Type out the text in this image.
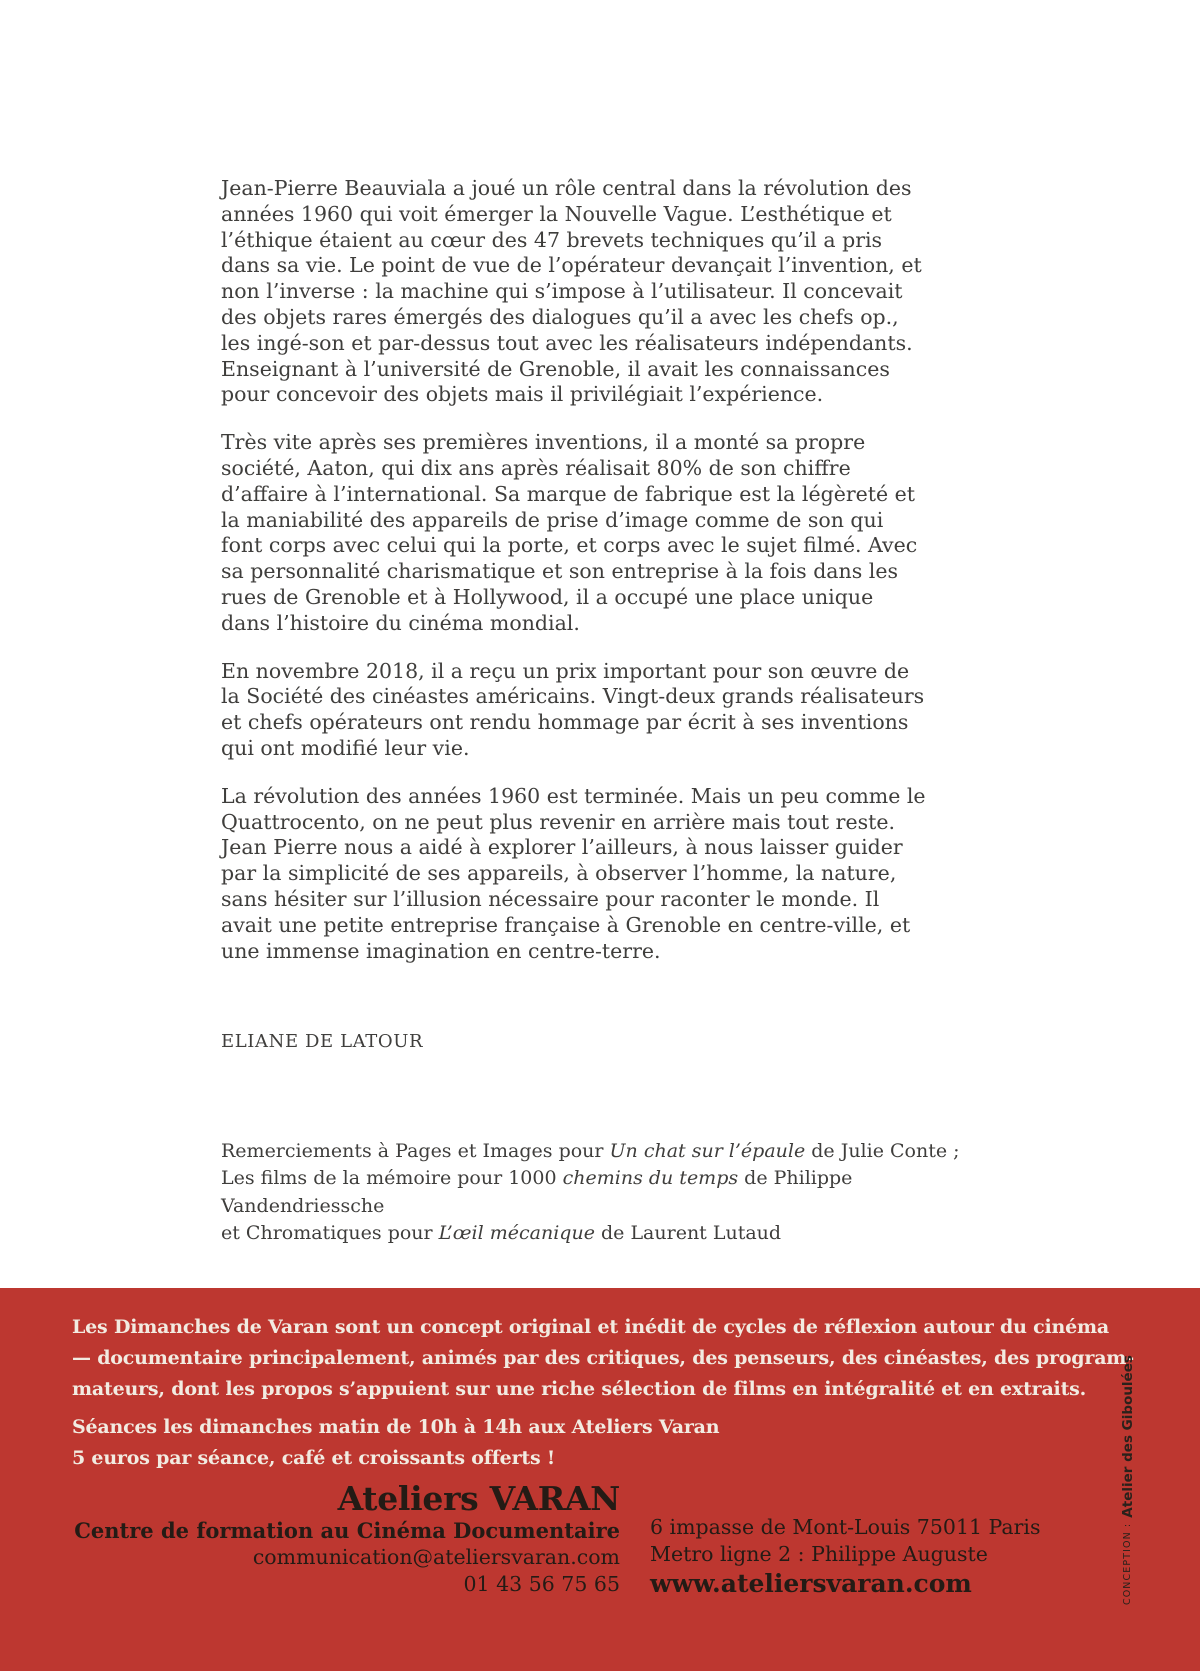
Jean-Pierre Beauviala a joué un rôle central dans la révolution des années 1960 qui voit émerger la Nouvelle Vague. L’esthétique et l’éthique étaient au cœur des 47 brevets techniques qu’il a pris dans sa vie. Le point de vue de l’opérateur devançait l’invention, et non l’inverse : la machine qui s’impose à l’utilisateur. Il concevait des objets rares émergés des dialogues qu’il a avec les chefs op., les ingé-son et par-dessus tout avec les réalisateurs indépendants. Enseignant à l’université de Grenoble, il avait les connaissances pour concevoir des objets mais il privilégiait l’expérience.

Très vite après ses premières inventions, il a monté sa propre société, Aaton, qui dix ans après réalisait 80% de son chiffre d’affaire à l’international. Sa marque de fabrique est la légèreté et la maniabilité des appareils de prise d’image comme de son qui font corps avec celui qui la porte, et corps avec le sujet filmé. Avec sa personnalité charismatique et son entreprise à la fois dans les rues de Grenoble et à Hollywood, il a occupé une place unique dans l’histoire du cinéma mondial.

En novembre 2018, il a reçu un prix important pour son œuvre de la Société des cinéastes américains. Vingt-deux grands réalisateurs et chefs opérateurs ont rendu hommage par écrit à ses inventions qui ont modifié leur vie.

La révolution des années 1960 est terminée. Mais un peu comme le Quattrocento, on ne peut plus revenir en arrière mais tout reste. Jean Pierre nous a aidé à explorer l’ailleurs, à nous laisser guider par la simplicité de ses appareils, à observer l’homme, la nature, sans hésiter sur l’illusion nécessaire pour raconter le monde. Il avait une petite entreprise française à Grenoble en centre-ville, et une immense imagination en centre-terre.

ELIANE DE LATOUR

Remerciements à Pages et Images pour Un chat sur l’épaule de Julie Conte ;

Les films de la mémoire pour 1000 chemins du temps de Philippe Vandendriessche

et Chromatiques pour L’œil mécanique de Laurent Lutaud

Les Dimanches de Varan sont un concept original et inédit de cycles de réflexion autour du cinéma
— documentaire principalement, animés par des critiques, des penseurs, des cinéastes, des program-
mateurs, dont les propos s’appuient sur une riche sélection de films en intégralité et en extraits.
Séances les dimanches matin de 10h à 14h aux Ateliers Varan
5 euros par séance, café et croissants offerts !

Ateliers VARAN

Centre de formation au Cinéma Documentaire

communication@ateliersvaran.com

01 43 56 75 65

6 impasse de Mont-Louis 75011 Paris

Metro ligne 2 : Philippe Auguste

www.ateliersvaran.com	CONCEPTION : Atelier des Giboulées
